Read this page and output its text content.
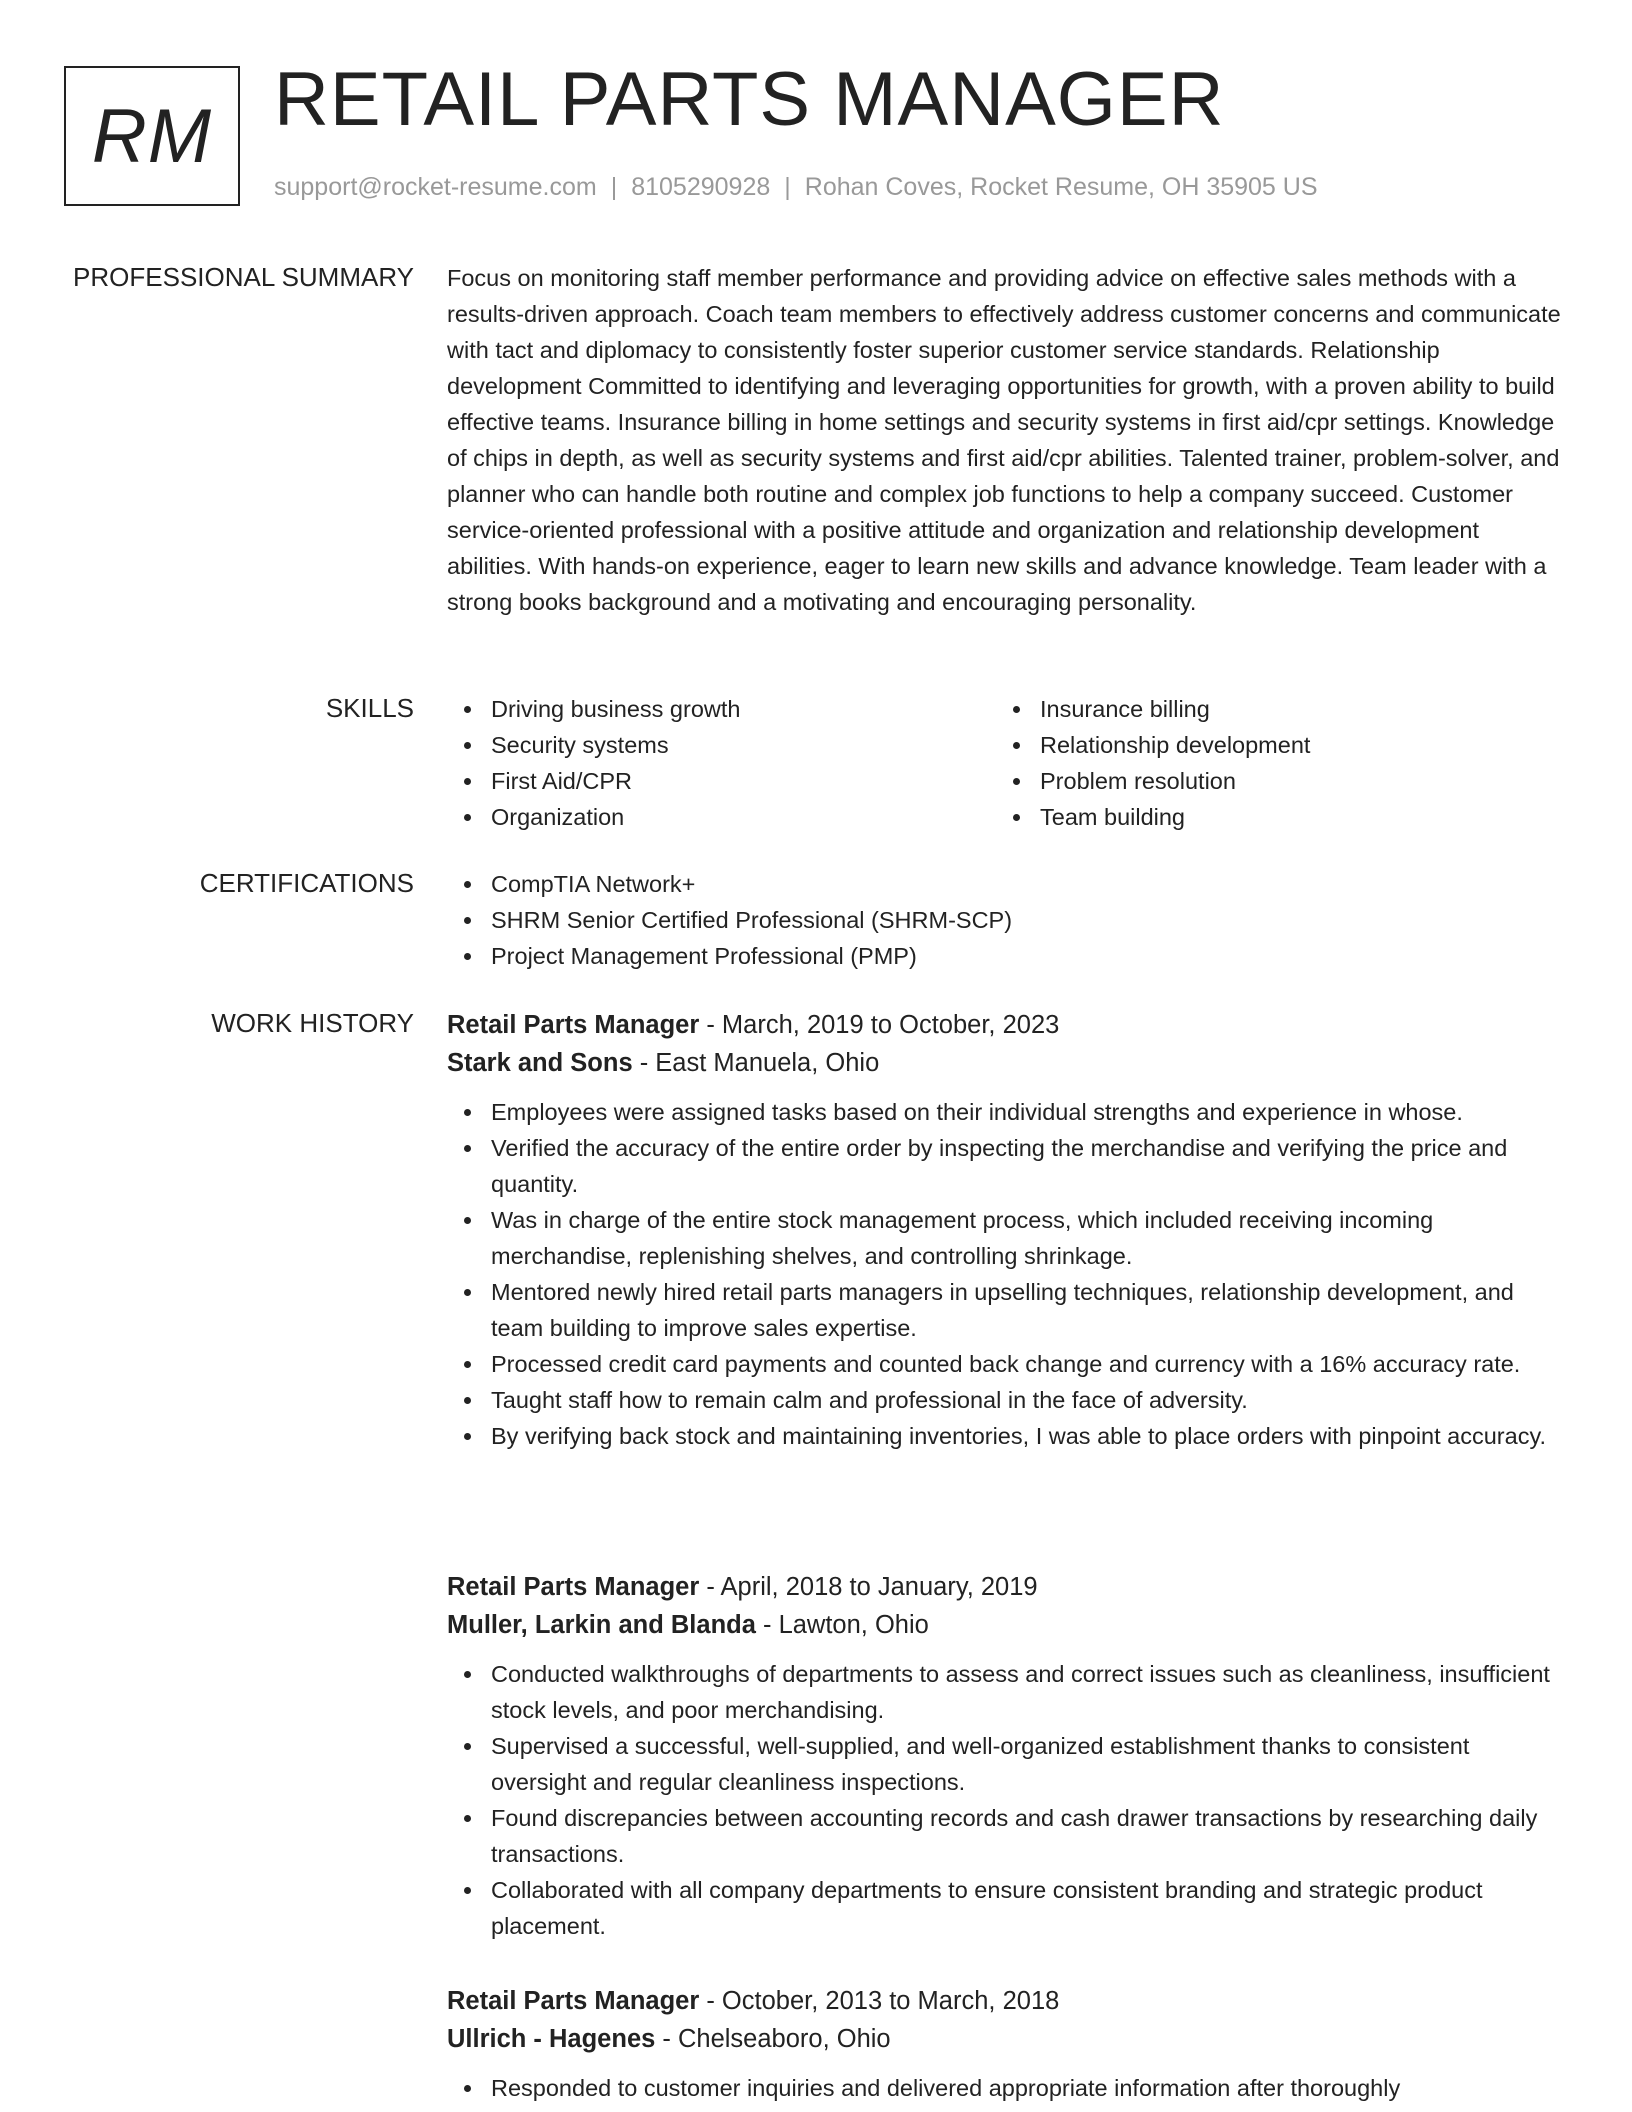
RM RETAIL PARTS MANAGER
support@rocket-resume.com | 8105290928 | Rohan Coves, Rocket Resume, OH 35905 US
PROFESSIONAL SUMMARY Focus on monitoring staff member performance and providing advice on effective sales methods with a results-driven approach. Coach team members to effectively address customer concerns and communicate with tact and diplomacy to consistently foster superior customer service standards. Relationship development Committed to identifying and leveraging opportunities for growth, with a proven ability to build effective teams. Insurance billing in home settings and security systems in first aid/cpr settings. Knowledge of chips in depth, as well as security systems and first aid/cpr abilities. Talented trainer, problem-solver, and planner who can handle both routine and complex job functions to help a company succeed. Customer service-oriented professional with a positive attitude and organization and relationship development abilities. With hands-on experience, eager to learn new skills and advance knowledge. Team leader with a strong books background and a motivating and encouraging personality.

SKILLS	Driving business growth
Security systems
First Aid/CPR
Organization
Insurance billing
Relationship development
Problem resolution
Team building
CERTIFICATIONS	CompTIA Network+
SHRM Senior Certified Professional (SHRM-SCP)
Project Management Professional (PMP)
WORK HISTORY Retail Parts Manager - March, 2019 to October, 2023
Stark and Sons - East Manuela, Ohio
Employees were assigned tasks based on their individual strengths and experience in whose.
Verified the accuracy of the entire order by inspecting the merchandise and verifying the price and quantity.
Was in charge of the entire stock management process, which included receiving incoming merchandise, replenishing shelves, and controlling shrinkage.
Mentored newly hired retail parts managers in upselling techniques, relationship development, and team building to improve sales expertise.
Processed credit card payments and counted back change and currency with a 16% accuracy rate.
Taught staff how to remain calm and professional in the face of adversity.
By verifying back stock and maintaining inventories, I was able to place orders with pinpoint accuracy.
Retail Parts Manager - April, 2018 to January, 2019
Muller, Larkin and Blanda - Lawton, Ohio
Conducted walkthroughs of departments to assess and correct issues such as cleanliness, insufficient stock levels, and poor merchandising.
Supervised a successful, well-supplied, and well-organized establishment thanks to consistent oversight and regular cleanliness inspections.
Found discrepancies between accounting records and cash drawer transactions by researching daily transactions.
Collaborated with all company departments to ensure consistent branding and strategic product placement.
Retail Parts Manager - October, 2013 to March, 2018
Ullrich - Hagenes - Chelseaboro, Ohio
Responded to customer inquiries and delivered appropriate information after thoroughly
